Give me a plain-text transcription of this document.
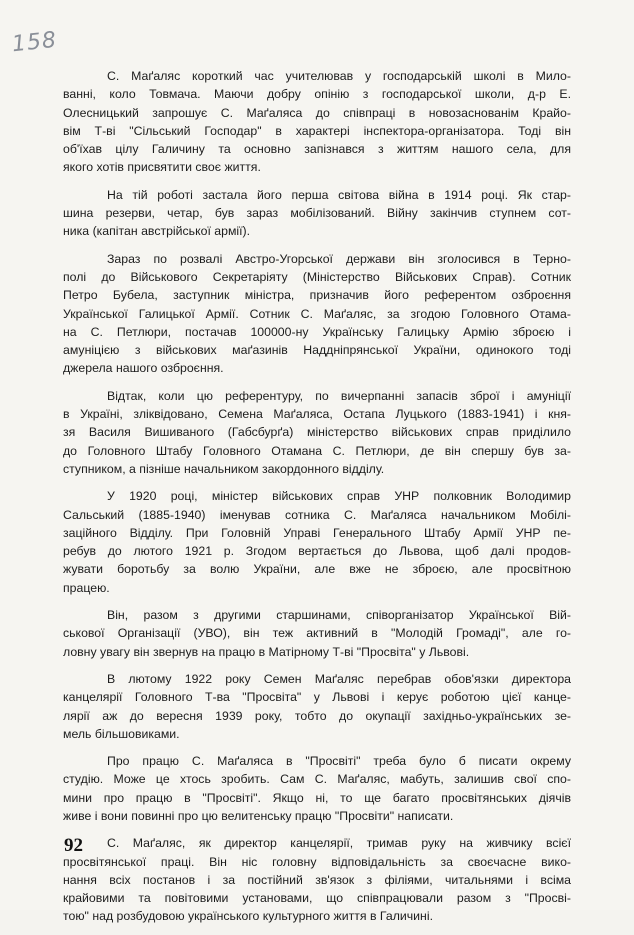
158

С. Маґаляс короткий час учителював у господарській школі в Мило-
ванні, коло Товмача. Маючи добру опінію з господарської школи, д-р Е.
Олесницький запрошує С. Маґаляса до співпраці в новозаснованім Крайо-
вім Т-ві "Сільський Господар" в характері інспектора-організатора. Тоді він
об'їхав цілу Галичину та основно запізнався з життям нашого села, для
якого хотів присвятити своє життя.

На тій роботі застала його перша світова війна в 1914 році. Як стар-
шина резерви, четар, був зараз мобілізований. Війну закінчив ступнем сот-
ника (капітан австрійської армії).

Зараз по розвалі Австро-Угорської держави він зголосився в Терно-
полі до Військового Секретаріяту (Міністерство Військових Справ). Сотник
Петро Бубела, заступник міністра, призначив його референтом озброєння
Української Галицької Армії. Сотник С. Маґаляс, за згодою Головного Отама-
на С. Петлюри, постачав 100000-ну Українську Галицьку Армію зброєю і
амуніцією з військових маґазинів Наддніпрянської України, одинокого тоді
джерела нашого озброєння.

Відтак, коли цю референтуру, по вичерпанні запасів зброї і амуніції
в Україні, зліквідовано, Семена Маґаляса, Остапа Луцького (1883-1941) і кня-
зя Василя Вишиваного (Габсбурґа) міністерство військових справ приділило
до Головного Штабу Головного Отамана С. Петлюри, де він спершу був за-
ступником, а пізніше начальником закордонного відділу.

У 1920 році, міністер військових справ УНР полковник Володимир
Сальський (1885-1940) іменував сотника С. Маґаляса начальником Мобілі-
заційного Відділу. При Головній Управі Генерального Штабу Армії УНР пе-
ребув до лютого 1921 р. Згодом вертається до Львова, щоб далі продов-
жувати боротьбу за волю України, але вже не зброєю, але просвітною
працею.

Він, разом з другими старшинами, співорганізатор Української Вій-
ськової Організації (УВО), він теж активний в "Молодій Громаді", але го-
ловну увагу він звернув на працю в Матірному Т-ві "Просвіта" у Львові.

В лютому 1922 року Семен Маґаляс перебрав обов'язки директора
канцелярії Головного Т-ва "Просвіта" у Львові і керує роботою цієї канце-
лярії аж до вересня 1939 року, тобто до окупації західньо-українських зе-
мель більшовиками.

Про працю С. Маґаляса в "Просвіті" треба було б писати окрему
студію. Може це хтось зробить. Сам С. Маґаляс, мабуть, залишив свої спо-
мини про працю в "Просвіті". Якщо ні, то ще багато просвітянських діячів
живе і вони повинні про цю велитенську працю "Просвіти" написати.

С. Маґаляс, як директор канцелярії, тримав руку на живчику всієї
просвітянської праці. Він ніс головну відповідальність за своєчасне вико-
нання всіх постанов і за постійний зв'язок з філіями, читальнями і всіма
крайовими та повітовими установами, що співпрацювали разом з "Просві-
тою" над розбудовою українського культурного життя в Галичині.

92
